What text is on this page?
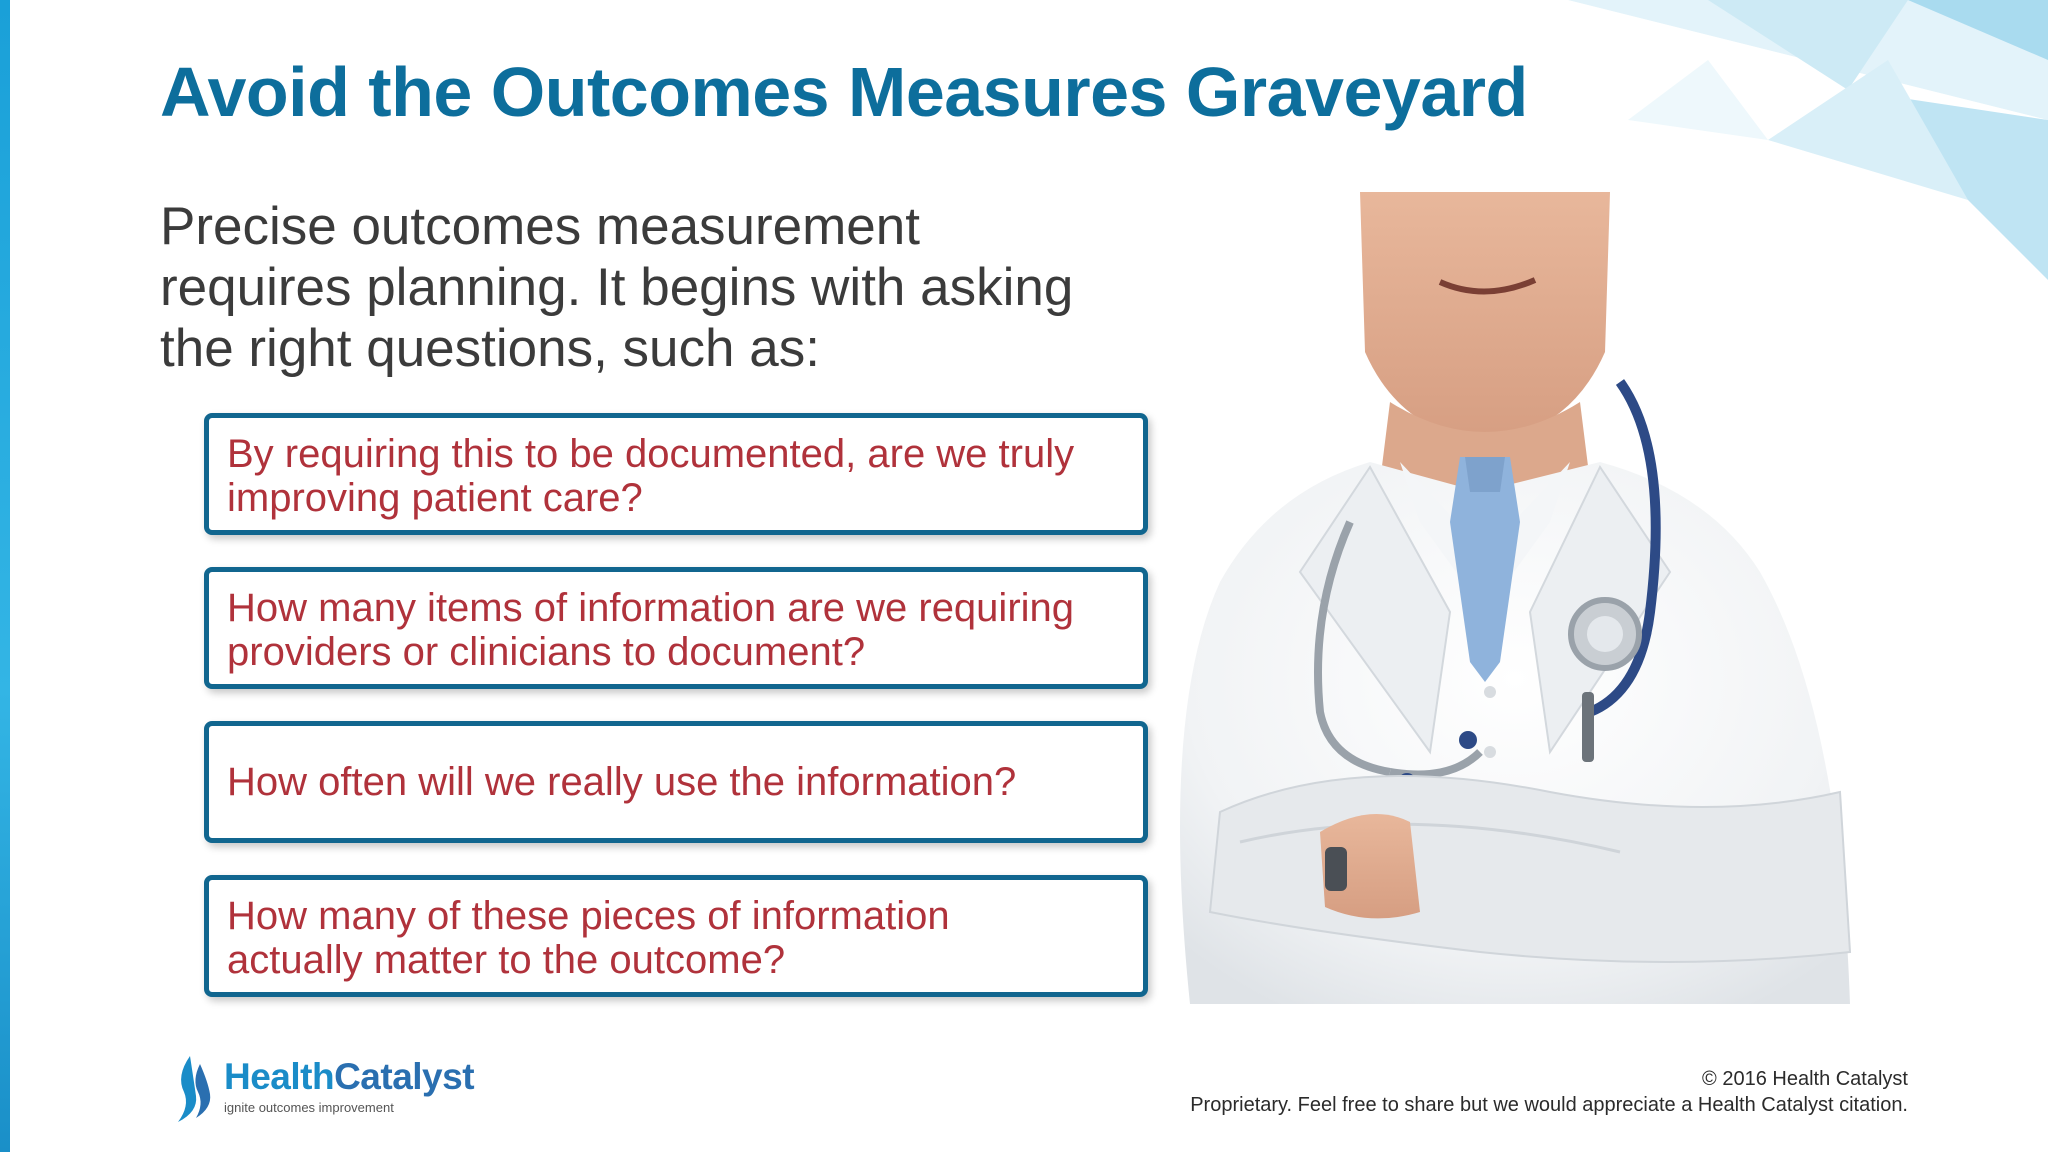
Avoid the Outcomes Measures Graveyard
Precise outcomes measurement
requires planning. It begins with asking
the right questions, such as:
By requiring this to be documented, are we truly
improving patient care?
How many items of information are we requiring
providers or clinicians to document?
How often will we really use the information?
How many of these pieces of information
actually matter to the outcome?
HealthCatalyst
ignite outcomes improvement
© 2016 Health Catalyst
Proprietary. Feel free to share but we would appreciate a Health Catalyst citation.
